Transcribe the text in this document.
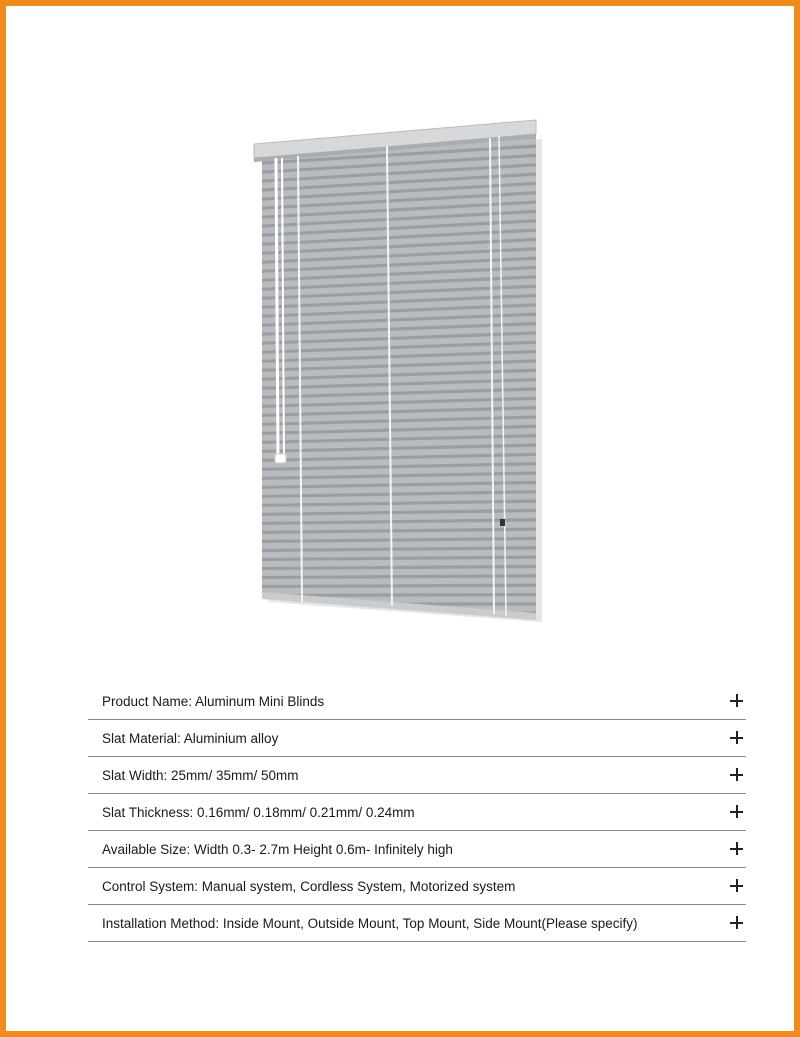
Product Name: Aluminum Mini Blinds
Slat Material: Aluminium alloy
Slat Width: 25mm/ 35mm/ 50mm
Slat Thickness: 0.16mm/ 0.18mm/ 0.21mm/ 0.24mm
Available Size: Width 0.3- 2.7m Height 0.6m- Infinitely high
Control System: Manual system, Cordless System, Motorized system
Installation Method: Inside Mount, Outside Mount, Top Mount, Side Mount(Please specify)
